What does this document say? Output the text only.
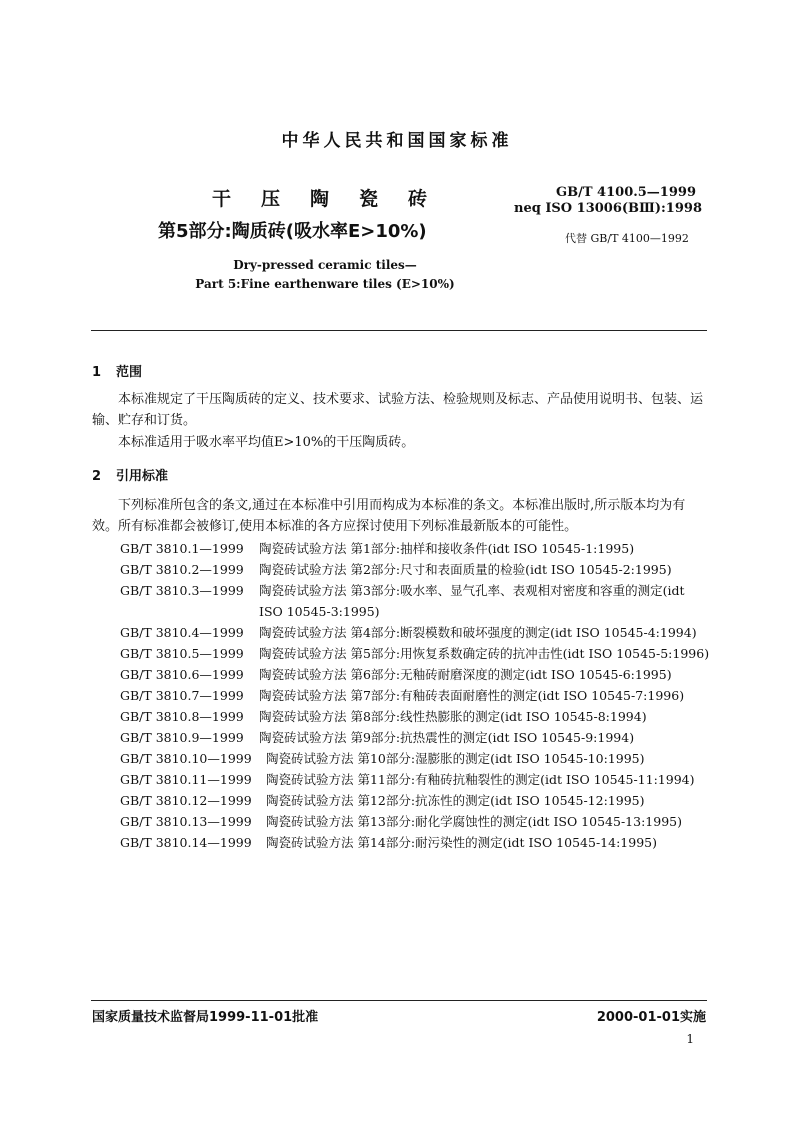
中华人民共和国国家标准
干压陶瓷砖
第5部分:陶质砖(吸水率E>10%)
GB/T 4100.5—1999
neq ISO 13006(BⅢ):1998
代替 GB/T 4100—1992
Dry-pressed ceramic tiles—
Part 5:Fine earthenware tiles (E>10%)
1 范围
本标准规定了干压陶质砖的定义、技术要求、试验方法、检验规则及标志、产品使用说明书、包装、运输、贮存和订货。
本标准适用于吸水率平均值E>10%的干压陶质砖。
2 引用标准
下列标准所包含的条文,通过在本标准中引用而构成为本标准的条文。本标准出版时,所示版本均为有效。所有标准都会被修订,使用本标准的各方应探讨使用下列标准最新版本的可能性。
GB/T 3810.1—1999	陶瓷砖试验方法 第1部分:抽样和接收条件(idt ISO 10545-1:1995)
GB/T 3810.2—1999	陶瓷砖试验方法 第2部分:尺寸和表面质量的检验(idt ISO 10545-2:1995)
GB/T 3810.3—1999	陶瓷砖试验方法 第3部分:吸水率、显气孔率、表观相对密度和容重的测定(idt ISO 10545-3:1995)
GB/T 3810.4—1999	陶瓷砖试验方法 第4部分:断裂模数和破坏强度的测定(idt ISO 10545-4:1994)
GB/T 3810.5—1999	陶瓷砖试验方法 第5部分:用恢复系数确定砖的抗冲击性(idt ISO 10545-5:1996)
GB/T 3810.6—1999	陶瓷砖试验方法 第6部分:无釉砖耐磨深度的测定(idt ISO 10545-6:1995)
GB/T 3810.7—1999	陶瓷砖试验方法 第7部分:有釉砖表面耐磨性的测定(idt ISO 10545-7:1996)
GB/T 3810.8—1999	陶瓷砖试验方法 第8部分:线性热膨胀的测定(idt ISO 10545-8:1994)
GB/T 3810.9—1999	陶瓷砖试验方法 第9部分:抗热震性的测定(idt ISO 10545-9:1994)
GB/T 3810.10—1999	陶瓷砖试验方法 第10部分:湿膨胀的测定(idt ISO 10545-10:1995)
GB/T 3810.11—1999	陶瓷砖试验方法 第11部分:有釉砖抗釉裂性的测定(idt ISO 10545-11:1994)
GB/T 3810.12—1999	陶瓷砖试验方法 第12部分:抗冻性的测定(idt ISO 10545-12:1995)
GB/T 3810.13—1999	陶瓷砖试验方法 第13部分:耐化学腐蚀性的测定(idt ISO 10545-13:1995)
GB/T 3810.14—1999	陶瓷砖试验方法 第14部分:耐污染性的测定(idt ISO 10545-14:1995)
国家质量技术监督局1999-11-01批准	2000-01-01实施
1
